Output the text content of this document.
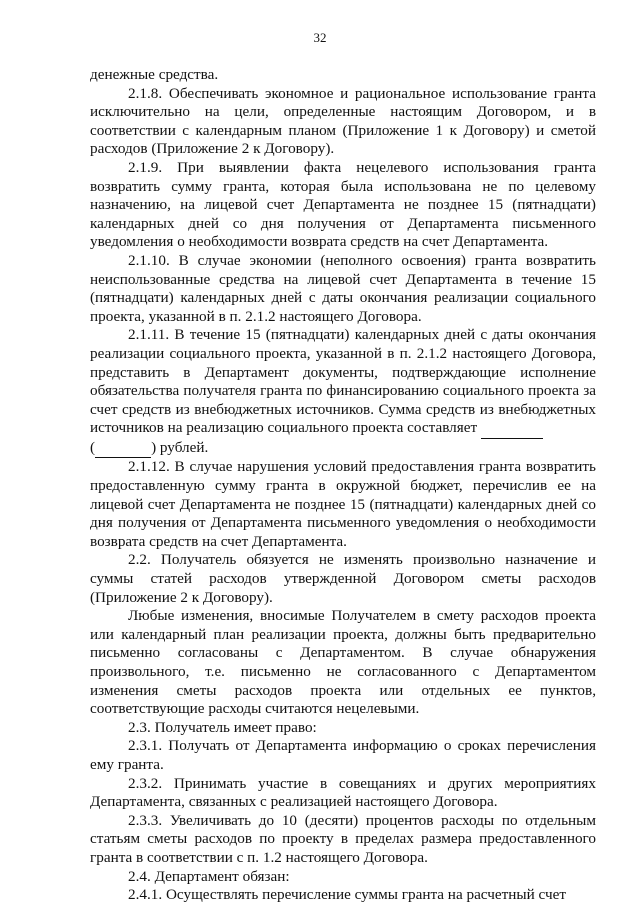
32

денежные средства.

2.1.8. Обеспечивать экономное и рациональное использование гранта исключительно на цели, определенные настоящим Договором, и в соответствии с календарным планом (Приложение 1 к Договору) и сметой расходов (Приложение 2 к Договору).

2.1.9. При выявлении факта нецелевого использования гранта возвратить сумму гранта, которая была использована не по целевому назначению, на лицевой счет Департамента не позднее 15 (пятнадцати) календарных дней со дня получения от Департамента письменного уведомления о необходимости возврата средств на счет Департамента.

2.1.10. В случае экономии (неполного освоения) гранта возвратить неиспользованные средства на лицевой счет Департамента в течение 15 (пятнадцати) календарных дней с даты окончания реализации социального проекта, указанной в п. 2.1.2 настоящего Договора.

2.1.11. В течение 15 (пятнадцати) календарных дней с даты окончания реализации социального проекта, указанной в п. 2.1.2 настоящего Договора, представить в Департамент документы, подтверждающие исполнение обязательства получателя гранта по финансированию социального проекта за счет средств из внебюджетных источников. Сумма средств из внебюджетных источников на реализацию социального проекта составляет
(	) рублей.

2.1.12. В случае нарушения условий предоставления гранта возвратить предоставленную сумму гранта в окружной бюджет, перечислив ее на лицевой счет Департамента не позднее 15 (пятнадцати) календарных дней со дня получения от Департамента письменного уведомления о необходимости возврата средств на счет Департамента.

2.2. Получатель обязуется не изменять произвольно назначение и суммы статей расходов утвержденной Договором сметы расходов (Приложение 2 к Договору).

Любые изменения, вносимые Получателем в смету расходов проекта или календарный план реализации проекта, должны быть предварительно письменно согласованы с Департаментом. В случае обнаружения произвольного, т.е. письменно не согласованного с Департаментом изменения сметы расходов проекта или отдельных ее пунктов, соответствующие расходы считаются нецелевыми.

2.3. Получатель имеет право:

2.3.1. Получать от Департамента информацию о сроках перечисления ему гранта.

2.3.2. Принимать участие в совещаниях и других мероприятиях Департамента, связанных с реализацией настоящего Договора.

2.3.3. Увеличивать до 10 (десяти) процентов расходы по отдельным статьям сметы расходов по проекту в пределах размера предоставленного гранта в соответствии с п. 1.2 настоящего Договора.

2.4. Департамент обязан:

2.4.1. Осуществлять перечисление суммы гранта на расчетный счет
